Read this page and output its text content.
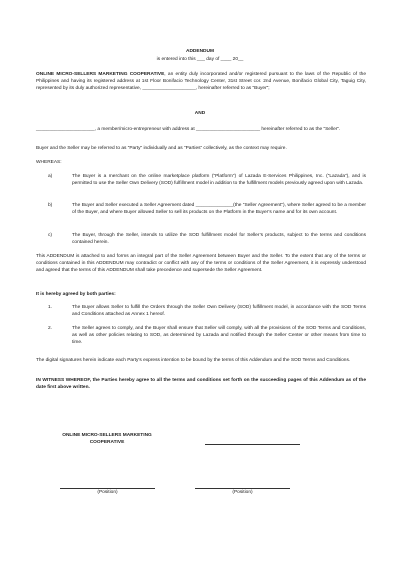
ADDENDUM
is entered into this ___ day of ____ 20__
ONLINE MICRO-SELLERS MARKETING COOPERATIVE, an entity duly incorporated and/or registered pursuant to the laws of the Republic of the Philippines and having its registered address at 1st Floor Bonifacio Technology Center, 31st Street cor. 2nd Avenue, Bonifacio Global City, Taguig City, represented by its duly authorized representative, ____________________, hereinafter referred to as “Buyer”;
AND
______________________, a member/micro-entrepreneur with address at ________________________ hereinafter referred to as the “Seller”.
Buyer and the Seller may be referred to as “Party” individually and as “Parties” collectively, as the context may require.
WHEREAS:
a)	The Buyer is a merchant on the online marketplace platform (“Platform”) of Lazada E-Services Philippines, Inc. (“Lazada”), and is permitted to use the Seller Own Delivery (SOD) fulfillment model in addition to the fulfillment models previously agreed upon with Lazada.
b)	The Buyer and Seller executed a Seller Agreement dated ______________(the “Seller Agreement”), where Seller agreed to be a member of the Buyer, and where Buyer allowed Seller to sell its products on the Platform in the Buyer’s name and for its own account.
c)	The Buyer, through the Seller, intends to utilize the SOD fulfillment model for Seller’s products, subject to the terms and conditions contained herein.
This ADDENDUM is attached to and forms an integral part of the Seller Agreement between Buyer and the Seller. To the extent that any of the terms or conditions contained in this ADDENDUM may contradict or conflict with any of the terms or conditions of the Seller Agreement, it is expressly understood and agreed that the terms of this ADDENDUM shall take precedence and supersede the Seller Agreement.
It is hereby agreed by both parties:
1.	The Buyer allows Seller to fulfill the Orders through the Seller Own Delivery (SOD) fulfillment model, in accordance with the SOD Terms and Conditions attached as Annex 1 hereof.
2.	The Seller agrees to comply, and the Buyer shall ensure that Seller will comply, with all the provisions of the SOD Terms and Conditions, as well as other policies relating to SOD, as determined by Lazada and notified through the Seller Center or other means from time to time.
The digital signatures herein indicate each Party’s express intention to be bound by the terms of this Addendum and the SOD Terms and Conditions.
IN WITNESS WHEREOF, the Parties hereby agree to all the terms and conditions set forth on the succeeding pages of this Addendum as of the date first above written.
ONLINE MICRO-SELLERS MARKETING COOPERATIVE
(Position)	(Position)
